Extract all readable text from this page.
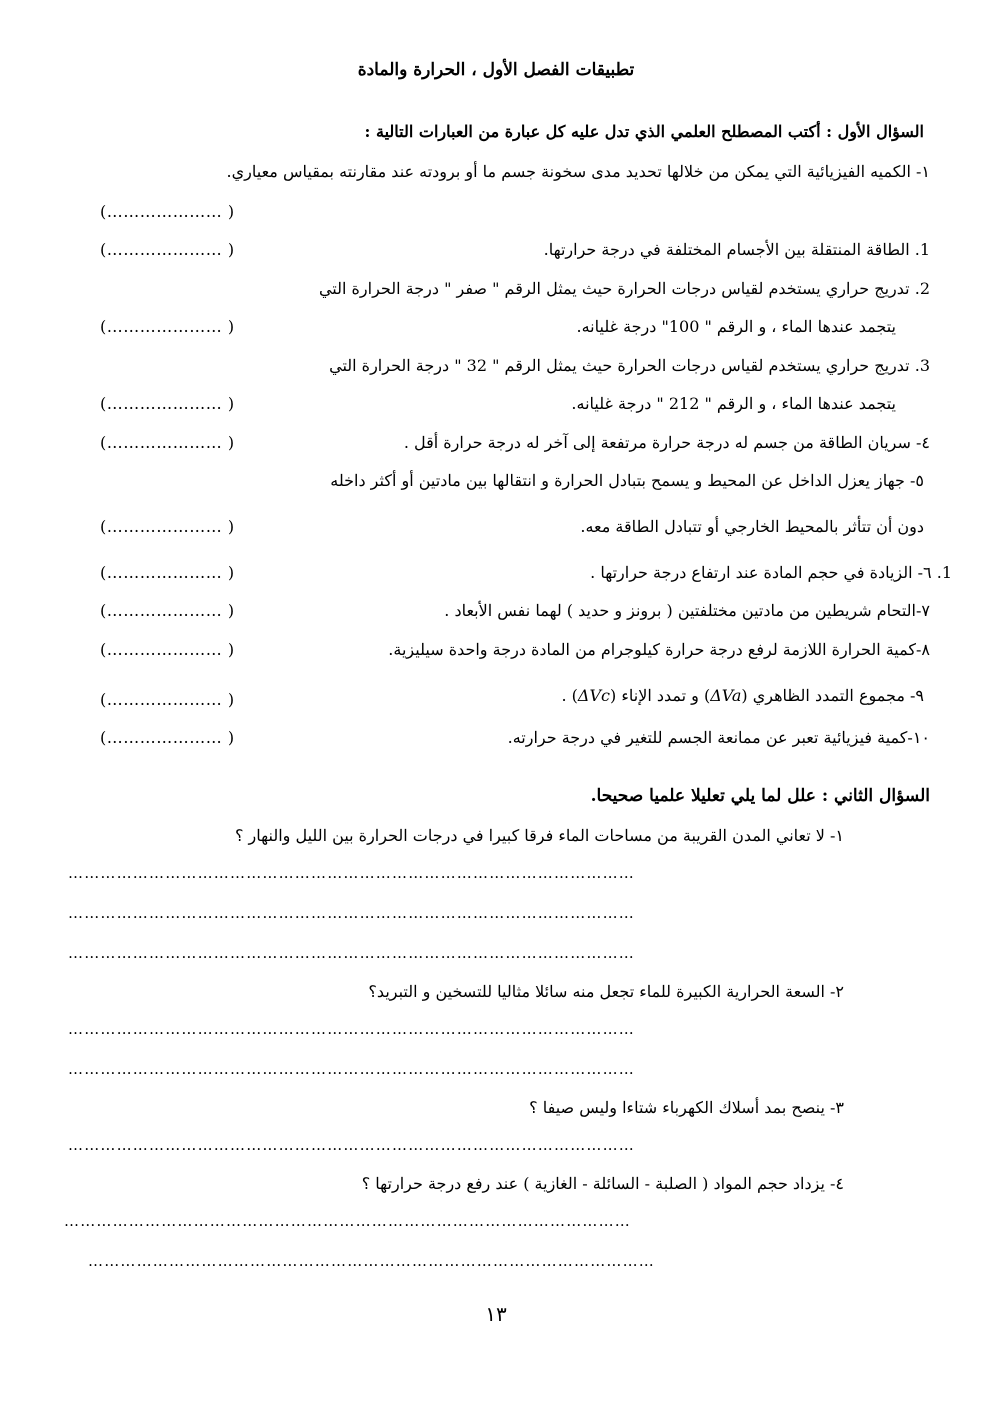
تطبيقات الفصل الأول ، الحرارة والمادة
السؤال الأول : أكتب المصطلح العلمي الذي تدل عليه كل عبارة من العبارات التالية :
١- الكميه الفيزيائية التي يمكن من خلالها تحديد مدى سخونة جسم ما أو برودته عند مقارنته بمقياس معياري.
(………………… )
1. الطاقة المنتقلة بين الأجسام المختلفة في درجة حرارتها.
(………………… )
2. تدريج حراري يستخدم لقياس درجات الحرارة حيث يمثل الرقم " صفر " درجة الحرارة التي
يتجمد عندها الماء ، و الرقم " 100" درجة غليانه.
(………………… )
3. تدريج حراري يستخدم لقياس درجات الحرارة حيث يمثل الرقم " 32 " درجة الحرارة التي
يتجمد عندها الماء ، و الرقم " 212 " درجة غليانه.
(………………… )
٤- سريان الطاقة من جسم له درجة حرارة مرتفعة إلى آخر له درجة حرارة أقل .
(………………… )
٥- جهاز يعزل الداخل عن المحيط و يسمح بتبادل الحرارة و انتقالها بين مادتين أو أكثر داخله
دون أن تتأثر بالمحيط الخارجي أو تتبادل الطاقة معه.
(………………… )
1. ٦- الزيادة في حجم المادة عند ارتفاع درجة حرارتها .
(………………… )
٧-التحام شريطين من مادتين مختلفتين ( برونز و حديد ) لهما نفس الأبعاد .
(………………… )
٨-كمية الحرارة اللازمة لرفع درجة حرارة كيلوجرام من المادة درجة واحدة سيليزية.
(………………… )
٩- مجموع التمدد الظاهري (ΔVa) و تمدد الإناء (ΔVc) .
(………………… )
١٠-كمية فيزيائية تعبر عن ممانعة الجسم للتغير في درجة حرارته.
(………………… )
السؤال الثاني : علل لما يلي تعليلا علميا صحيحا.
١- لا تعاني المدن القريبة من مساحات الماء فرقا كبيرا في درجات الحرارة بين الليل والنهار ؟
……………………………………………………………………………………………
……………………………………………………………………………………………
……………………………………………………………………………………………
٢- السعة الحرارية الكبيرة للماء تجعل منه سائلا مثاليا للتسخين و التبريد؟
……………………………………………………………………………………………
……………………………………………………………………………………………
٣- ينصح بمد أسلاك الكهرباء شتاءا وليس صيفا ؟
……………………………………………………………………………………………
٤- يزداد حجم المواد ( الصلبة - السائلة - الغازية ) عند رفع درجة حرارتها ؟
……………………………………………………………………………………………
……………………………………………………………………………………………
١٣
